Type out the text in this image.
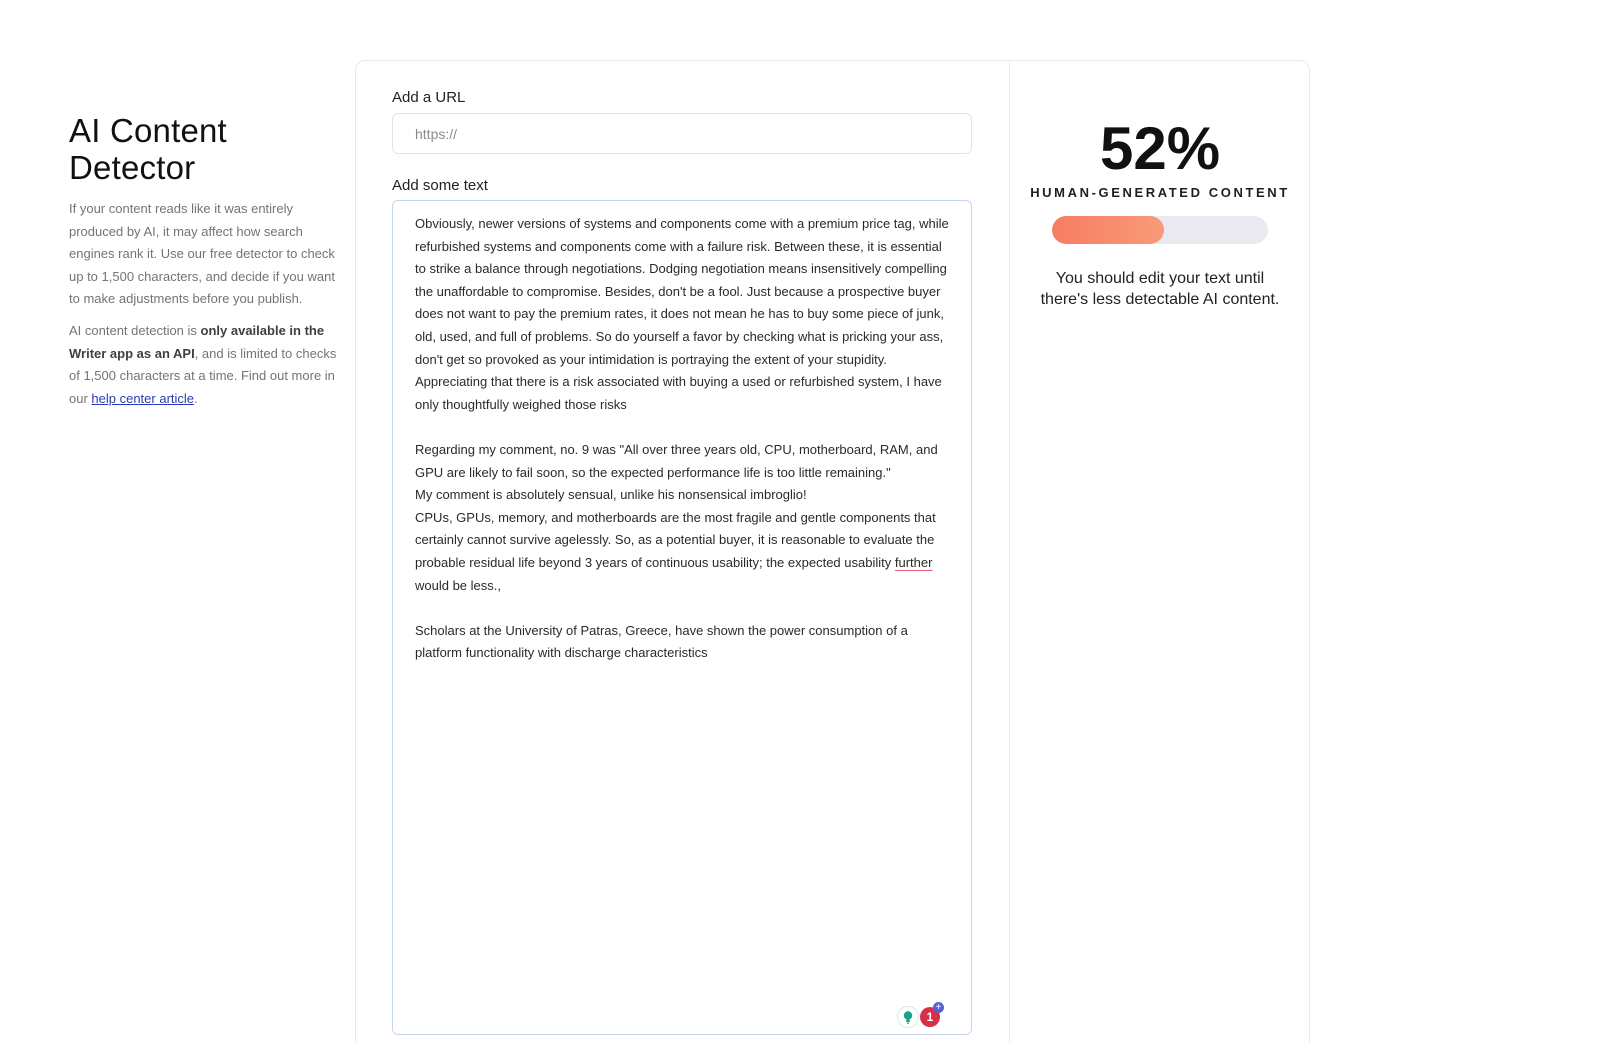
AI Content
Detector

If your content reads like it was entirely produced by AI, it may affect how search engines rank it. Use our free detector to check up to 1,500 characters, and decide if you want to make adjustments before you publish.

AI content detection is only available in the Writer app as an API, and is limited to checks of 1,500 characters at a time. Find out more in our help center article.

Add a URL
https://
Add some text

Obviously, newer versions of systems and components come with a premium price tag, while refurbished systems and components come with a failure risk. Between these, it is essential to strike a balance through negotiations. Dodging negotiation means insensitively compelling the unaffordable to compromise. Besides, don't be a fool. Just because a prospective buyer does not want to pay the premium rates, it does not mean he has to buy some piece of junk, old, used, and full of problems. So do yourself a favor by checking what is pricking your ass, don't get so provoked as your intimidation is portraying the extent of your stupidity. Appreciating that there is a risk associated with buying a used or refurbished system, I have only thoughtfully weighed those risks

Regarding my comment, no. 9 was "All over three years old, CPU, motherboard, RAM, and GPU are likely to fail soon, so the expected performance life is too little remaining."

My comment is absolutely sensual, unlike his nonsensical imbroglio!

CPUs, GPUs, memory, and motherboards are the most fragile and gentle components that certainly cannot survive agelessly. So, as a potential buyer, it is reasonable to evaluate the probable residual life beyond 3 years of continuous usability; the expected usability further would be less.,

Scholars at the University of Patras, Greece, have shown the power consumption of a platform functionality with discharge characteristics

1
+
52%
HUMAN-GENERATED CONTENT
You should edit your text until there's less detectable AI content.
